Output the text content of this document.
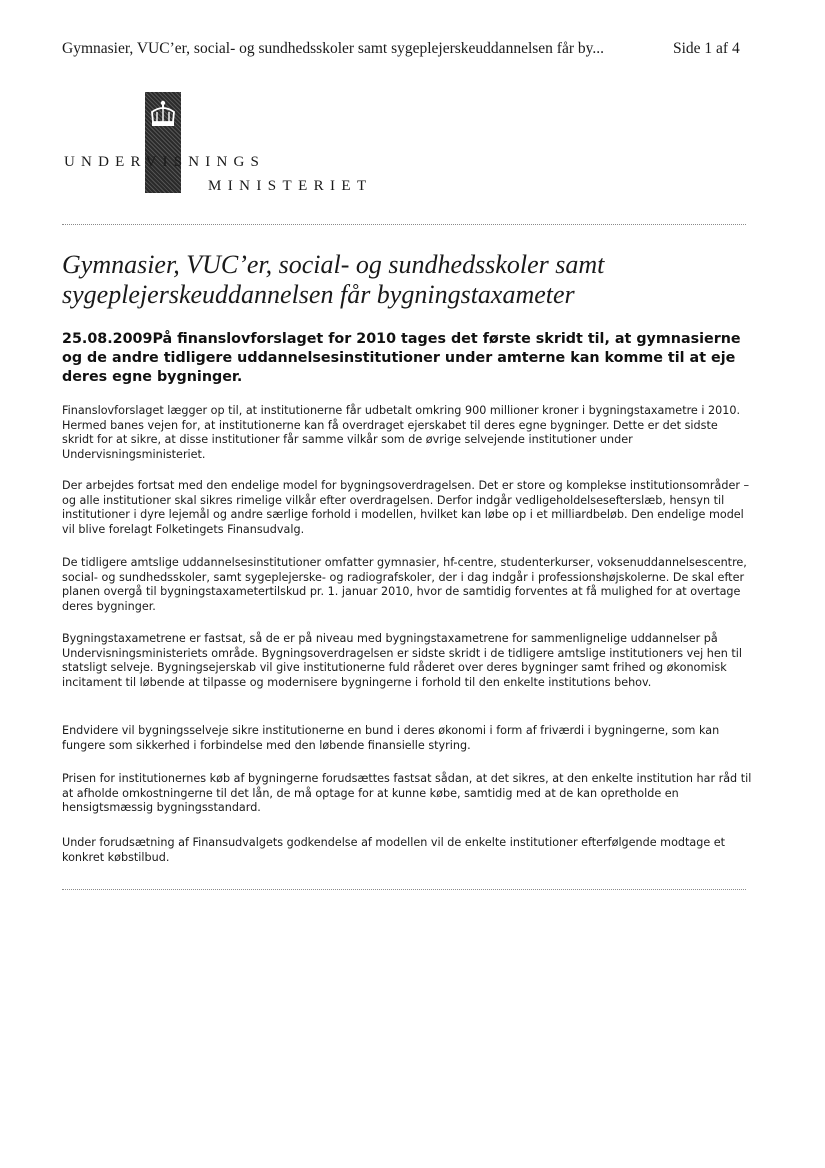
Gymnasier, VUC’er, social- og sundhedsskoler samt sygeplejerskeuddannelsen får by...	Side 1 af 4
UNDERVISNINGS
MINISTERIET
Gymnasier, VUC’er, social- og sundhedsskoler samt
sygeplejerskeuddannelsen får bygningstaxameter
25.08.2009På finanslovforslaget for 2010 tages det første skridt til, at gymnasierne og de andre tidligere uddannelsesinstitutioner under amterne kan komme til at eje deres egne bygninger.
Finanslovforslaget lægger op til, at institutionerne får udbetalt omkring 900 millioner kroner i bygningstaxametre i 2010. Hermed banes vejen for, at institutionerne kan få overdraget ejerskabet til deres egne bygninger. Dette er det sidste skridt for at sikre, at disse institutioner får samme vilkår som de øvrige selvejende institutioner under Undervisningsministeriet.
Der arbejdes fortsat med den endelige model for bygningsoverdragelsen. Det er store og komplekse institutionsområder – og alle institutioner skal sikres rimelige vilkår efter overdragelsen. Derfor indgår vedligeholdelsesefterslæb, hensyn til institutioner i dyre lejemål og andre særlige forhold i modellen, hvilket kan løbe op i et milliardbeløb. Den endelige model vil blive forelagt Folketingets Finansudvalg.
De tidligere amtslige uddannelsesinstitutioner omfatter gymnasier, hf-centre, studenterkurser, voksenuddannelsescentre, social- og sundhedsskoler, samt sygeplejerske- og radiografskoler, der i dag indgår i professionshøjskolerne. De skal efter planen overgå til bygningstaxametertilskud pr. 1. januar 2010, hvor de samtidig forventes at få mulighed for at overtage deres bygninger.
Bygningstaxametrene er fastsat, så de er på niveau med bygningstaxametrene for sammenlignelige uddannelser på Undervisningsministeriets område. Bygningsoverdragelsen er sidste skridt i de tidligere amtslige institutioners vej hen til statsligt selveje. Bygningsejerskab vil give institutionerne fuld råderet over deres bygninger samt frihed og økonomisk incitament til løbende at tilpasse og modernisere bygningerne i forhold til den enkelte institutions behov.
Endvidere vil bygningsselveje sikre institutionerne en bund i deres økonomi i form af friværdi i bygningerne, som kan fungere som sikkerhed i forbindelse med den løbende finansielle styring.
Prisen for institutionernes køb af bygningerne forudsættes fastsat sådan, at det sikres, at den enkelte institution har råd til at afholde omkostningerne til det lån, de må optage for at kunne købe, samtidig med at de kan opretholde en hensigtsmæssig bygningsstandard.
Under forudsætning af Finansudvalgets godkendelse af modellen vil de enkelte institutioner efterfølgende modtage et konkret købstilbud.
